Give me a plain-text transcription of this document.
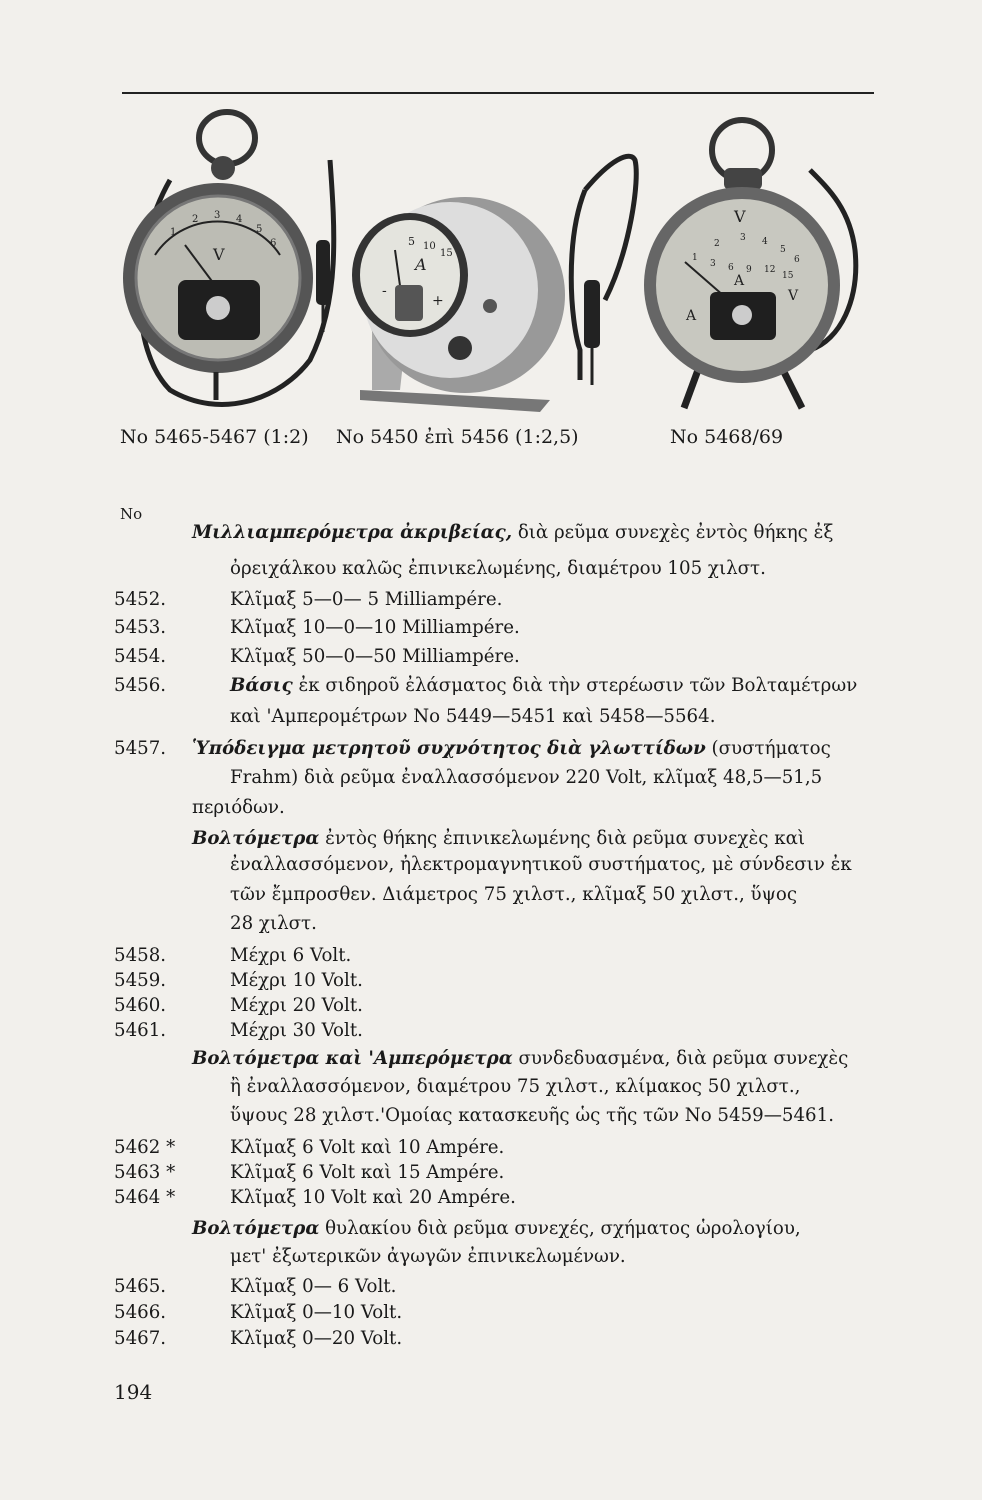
1
2 3 4
5
6
V
5 10
15
A
-
+
V
A
A
V
1
2
3 4
5
6
3 6 9 12
15
No 5465-5467 (1:2) No 5450 ἐπὶ 5456 (1:2,5)	No 5468/69
No
Μιλλιαμπερόμετρα ἀκριβείας, διὰ ρεῦμα συνεχὲς ἐντὸς θήκης ἐξ
ὀρειχάλκου καλῶς ἐπινικελωμένης, διαμέτρου 105 χιλστ.
5452.	Κλῖμαξ 5—0— 5 Milliampére.
5453.	Κλῖμαξ 10—0—10 Milliampére.
5454.	Κλῖμαξ 50—0—50 Milliampére.
5456.	Βάσις ἐκ σιδηροῦ ἐλάσματος διὰ τὴν στερέωσιν τῶν Βολταμέτρων
καὶ 'Αμπερομέτρων No 5449—5451 καὶ 5458—5564.
5457. Ὑπόδειγμα μετρητοῦ συχνότητος διὰ γλωττίδων (συστήματος
Frahm) διὰ ρεῦμα ἐναλλασσόμενον 220 Volt, κλῖμαξ 48,5—51,5
περιόδων.
Βολτόμετρα ἐντὸς θήκης ἐπινικελωμένης διὰ ρεῦμα συνεχὲς καὶ
ἐναλλασσόμενον, ἠλεκτρομαγνητικοῦ συστήματος, μὲ σύνδεσιν ἐκ
τῶν ἔμπροσθεν. Διάμετρος 75 χιλστ., κλῖμαξ 50 χιλστ., ὕψος
28 χιλστ.
5458.	Μέχρι 6 Volt.
5459.	Μέχρι 10 Volt.
5460.	Μέχρι 20 Volt.
5461.	Μέχρι 30 Volt.
Βολτόμετρα καὶ 'Αμπερόμετρα συνδεδυασμένα, διὰ ρεῦμα συνεχὲς
ἢ ἐναλλασσόμενον, διαμέτρου 75 χιλστ., κλίμακος 50 χιλστ.,
ὕψους 28 χιλστ.'Ομοίας κατασκευῆς ὡς τῆς τῶν No 5459—5461.
5462 *	Κλῖμαξ 6 Volt καὶ 10 Ampére.
5463 *	Κλῖμαξ 6 Volt καὶ 15 Ampére.
5464 *	Κλῖμαξ 10 Volt καὶ 20 Ampére.
Βολτόμετρα θυλακίου διὰ ρεῦμα συνεχές, σχήματος ὡρολογίου,
μετ' ἐξωτερικῶν ἀγωγῶν ἐπινικελωμένων.
5465.	Κλῖμαξ 0— 6 Volt.
5466.	Κλῖμαξ 0—10 Volt.
5467.	Κλῖμαξ 0—20 Volt.
194
